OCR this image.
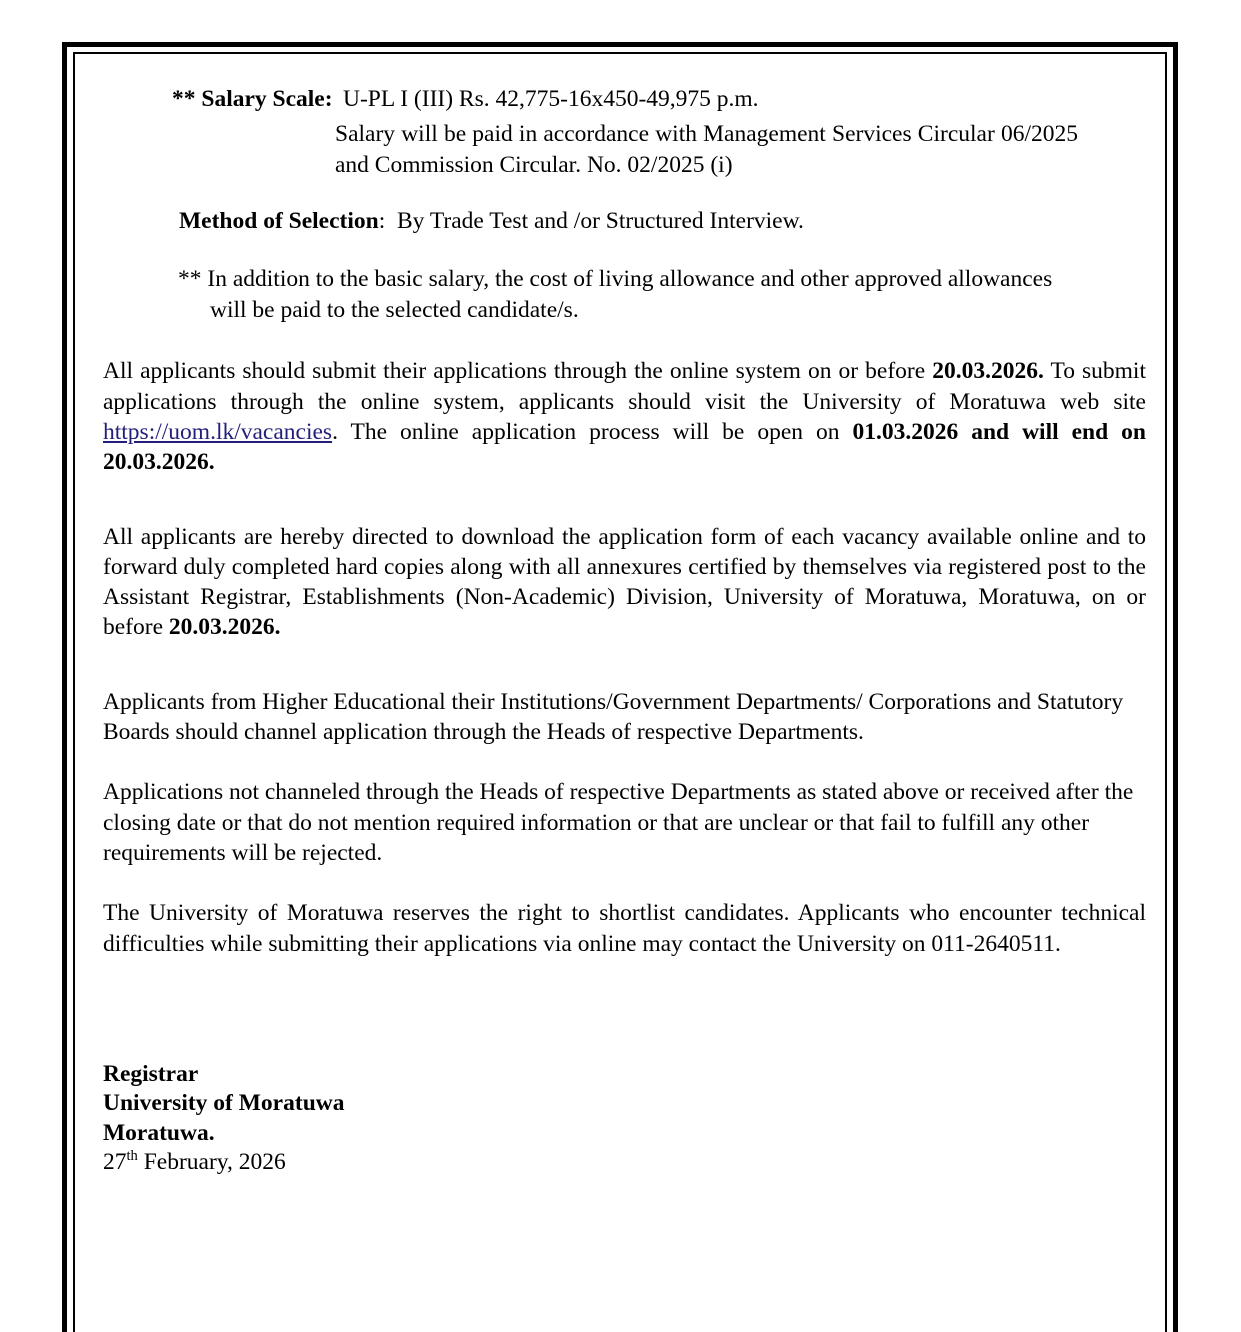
** Salary Scale: U-PL I (III) Rs. 42,775-16x450-49,975 p.m.
Salary will be paid in accordance with Management Services Circular 06/2025 and Commission Circular. No. 02/2025 (i)
Method of Selection: By Trade Test and /or Structured Interview.
** In addition to the basic salary, the cost of living allowance and other approved allowances
will be paid to the selected candidate/s.

All applicants should submit their applications through the online system on or before 20.03.2026. To submit applications through the online system, applicants should visit the University of Moratuwa web site https://uom.lk/vacancies. The online application process will be open on 01.03.2026 and will end on 20.03.2026.

All applicants are hereby directed to download the application form of each vacancy available online and to forward duly completed hard copies along with all annexures certified by themselves via registered post to the Assistant Registrar, Establishments (Non-Academic) Division, University of Moratuwa, Moratuwa, on or before 20.03.2026.

Applicants from Higher Educational their Institutions/Government Departments/ Corporations and Statutory Boards should channel application through the Heads of respective Departments.

Applications not channeled through the Heads of respective Departments as stated above or received after the closing date or that do not mention required information or that are unclear or that fail to fulfill any other requirements will be rejected.

The University of Moratuwa reserves the right to shortlist candidates. Applicants who encounter technical difficulties while submitting their applications via online may contact the University on 011-2640511.

Registrar
University of Moratuwa
Moratuwa.
27th February, 2026
